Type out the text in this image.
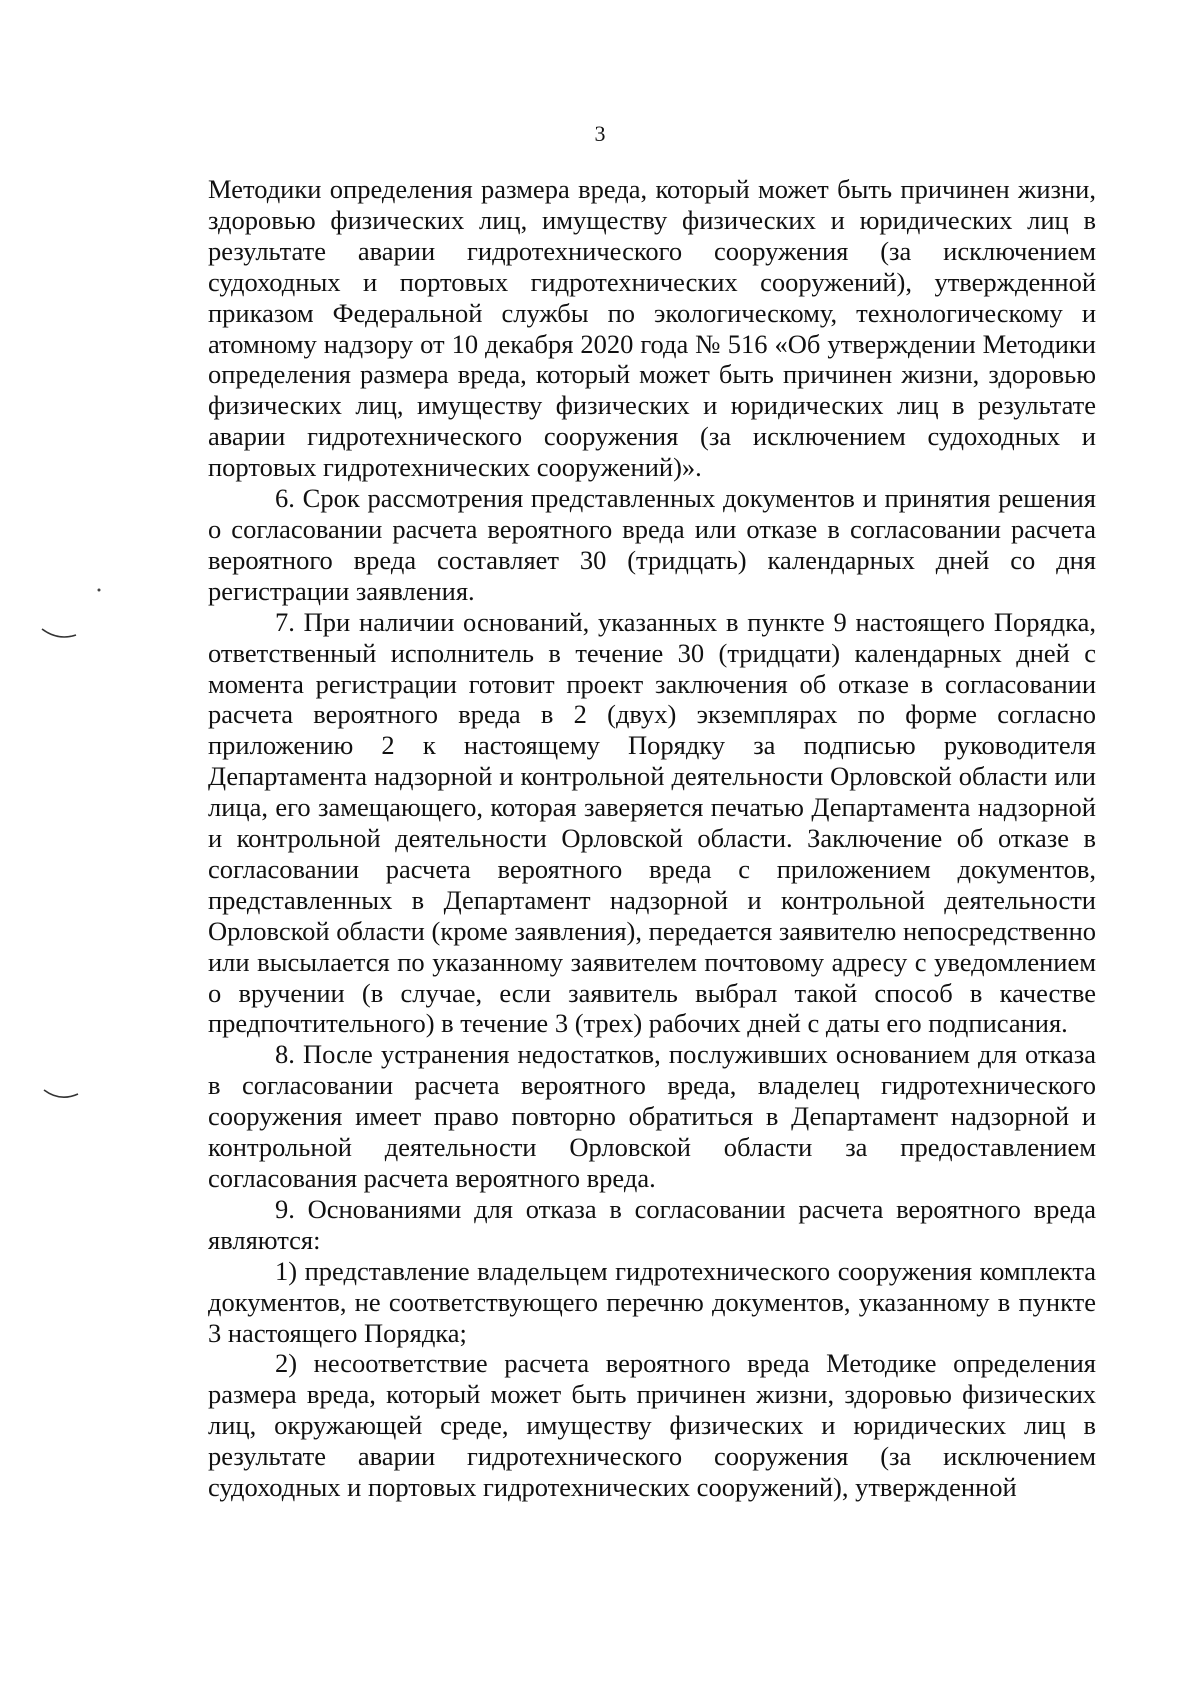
3

Методики определения размера вреда, который может быть причинен жизни, здоровью физических лиц, имуществу физических и юридических лиц в результате аварии гидротехнического сооружения (за исключением судоходных и портовых гидротехнических сооружений), утвержденной приказом Федеральной службы по экологическому, технологическому и атомному надзору от 10 декабря 2020 года № 516 «Об утверждении Методики определения размера вреда, который может быть причинен жизни, здоровью физических лиц, имуществу физических и юридических лиц в результате аварии гидротехнического сооружения (за исключением судоходных и портовых гидротехнических сооружений)».

6. Срок рассмотрения представленных документов и принятия решения о согласовании расчета вероятного вреда или отказе в согласовании расчета вероятного вреда составляет 30 (тридцать) календарных дней со дня регистрации заявления.

7. При наличии оснований, указанных в пункте 9 настоящего Порядка, ответственный исполнитель в течение 30 (тридцати) календарных дней с момента регистрации готовит проект заключения об отказе в согласовании расчета вероятного вреда в 2 (двух) экземплярах по форме согласно приложению 2 к настоящему Порядку за подписью руководителя Департамента надзорной и контрольной деятельности Орловской области или лица, его замещающего, которая заверяется печатью Департамента надзорной и контрольной деятельности Орловской области. Заключение об отказе в согласовании расчета вероятного вреда с приложением документов, представленных в Департамент надзорной и контрольной деятельности Орловской области (кроме заявления), передается заявителю непосредственно или высылается по указанному заявителем почтовому адресу с уведомлением о вручении (в случае, если заявитель выбрал такой способ в качестве предпочтительного) в течение 3 (трех) рабочих дней с даты его подписания.

8. После устранения недостатков, послуживших основанием для отказа в согласовании расчета вероятного вреда, владелец гидротехнического сооружения имеет право повторно обратиться в Департамент надзорной и контрольной деятельности Орловской области за предоставлением согласования расчета вероятного вреда.

9. Основаниями для отказа в согласовании расчета вероятного вреда являются:

1) представление владельцем гидротехнического сооружения комплекта документов, не соответствующего перечню документов, указанному в пункте 3 настоящего Порядка;

2) несоответствие расчета вероятного вреда Методике определения размера вреда, который может быть причинен жизни, здоровью физических лиц, окружающей среде, имуществу физических и юридических лиц в результате аварии гидротехнического сооружения (за исключением судоходных и портовых гидротехнических сооружений), утвержденной
